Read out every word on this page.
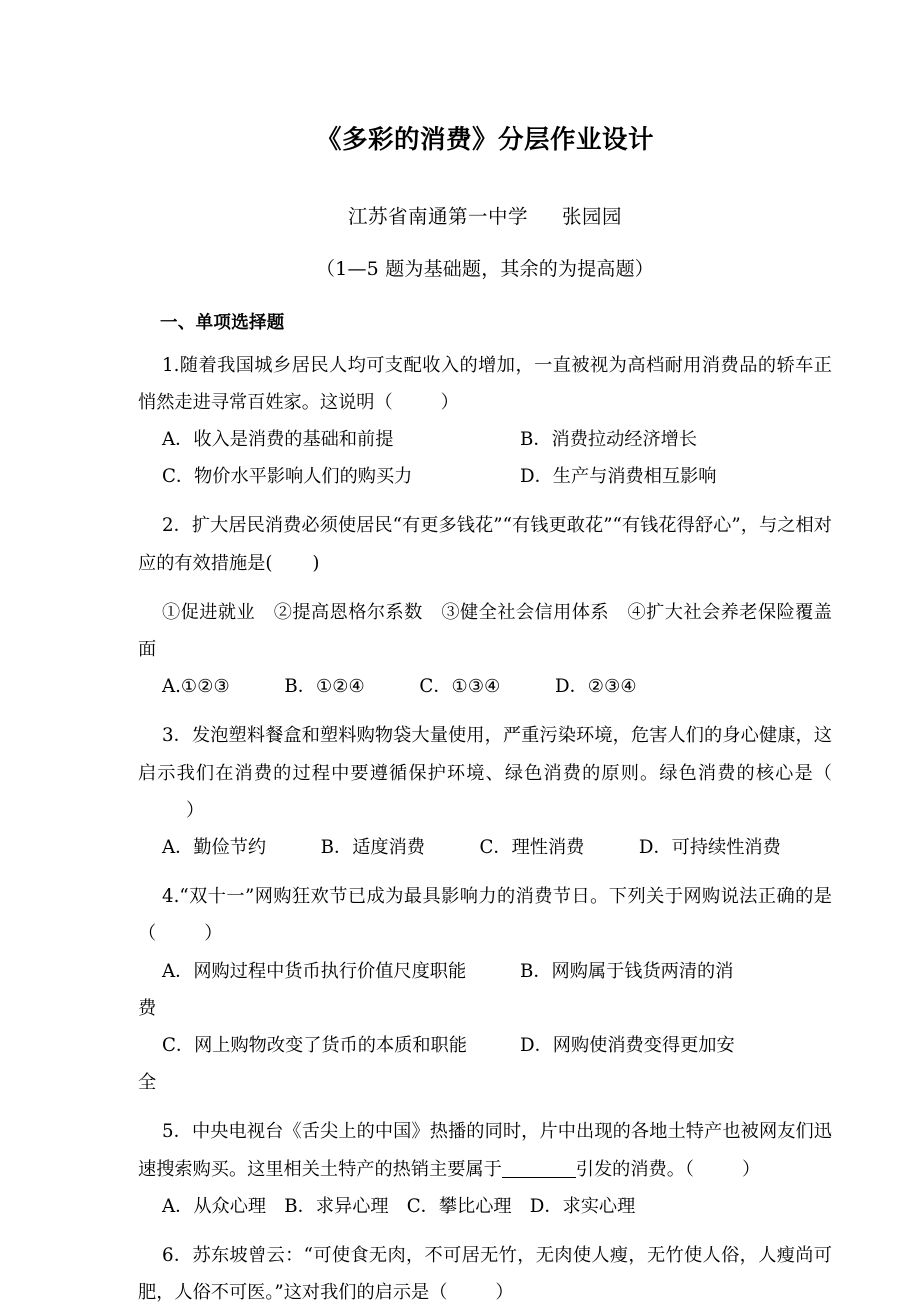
《多彩的消费》分层作业设计

江苏省南通第一中学 张园园

（1—5 题为基础题，其余的为提高题）

一、单项选择题

1.随着我国城乡居民人均可支配收入的增加，一直被视为高档耐用消费品的轿车正悄然走进寻常百姓家。这说明（	）

A．收入是消费的基础和前提	B．消费拉动经济增长
C．物价水平影响人们的购买力	D．生产与消费相互影响

2．扩大居民消费必须使居民“有更多钱花”“有钱更敢花”“有钱花得舒心”，与之相对应的有效措施是( )

①促进就业　②提高恩格尔系数　③健全社会信用体系　④扩大社会养老保险覆盖面

A.①②③　　　B．①②④　　　C．①③④　　　D．②③④

3．发泡塑料餐盒和塑料购物袋大量使用，严重污染环境，危害人们的身心健康，这启示我们在消费的过程中要遵循保护环境、绿色消费的原则。绿色消费的核心是（）

A．勤俭节约　　　B．适度消费　　　C．理性消费　　　D．可持续性消费

4.“双十一”网购狂欢节已成为最具影响力的消费节日。下列关于网购说法正确的是（	）

A．网购过程中货币执行价值尺度职能	B．网购属于钱货两清的消
费
C．网上购物改变了货币的本质和职能	D．网购使消费变得更加安
全

5．中央电视台《舌尖上的中国》热播的同时，片中出现的各地土特产也被网友们迅速搜索购买。这里相关土特产的热销主要属于	引发的消费。（	）

A．从众心理　B．求异心理　C．攀比心理　D．求实心理

6．苏东坡曾云：“可使食无肉，不可居无竹，无肉使人瘦，无竹使人俗，人瘦尚可肥，人俗不可医。”这对我们的启示是（	）
